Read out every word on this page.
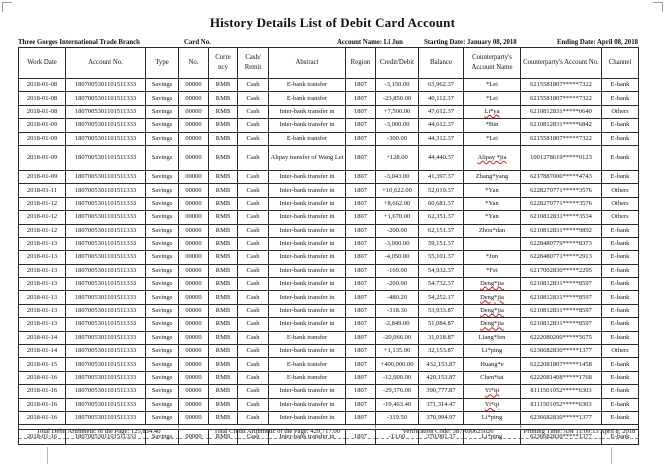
History Details List of Debit Card Account
Three Gorges International Trade Branch	Card No.	Account Name: Li Jun	Starting Date: January 08, 2018	Ending Date: April 08, 2018
Work Date	Account No.	Type	No.	Curre ncy	Cash/ Remit	Abstract	Region	Credit/Debit	Balance	Counterparty's Account Name	Counterparty's Account No.	Channel
2018-01-08	1807005301101511333	Savings	00000	RMB	Cash	E-bank transfer	1807	-3,150.00	63,962.37	*Lei	6215581807*****7322	E-bank
2018-01-08	1807005301101511333	Savings	00000	RMB	Cash	E-bank transfer	1807	-23,850.00	40,112.37	*Lei	6215581807*****7322	E-bank
2018-01-08	1807005301101511333	Savings	00000	RMB	Cash	Inter-bank transfer in	1807	+7,500.00	47,612.37	Li*ya	6210812831*****0640	Others
2018-01-09	1807005301101511333	Savings	00000	RMB	Cash	Inter-bank transfer in	1807	-3,000.00	44,612.37	*Bin	6210812831*****6842	E-bank
2018-01-09	1807005301101511333	Savings	00000	RMB	Cash	E-bank transfer	1807	-300.00	44,312.37	*Lei	6215581807*****7322	E-bank
2018-01-09	1807005301101511333	Savings	00000	RMB	Cash	Alipay transfer of Wang Lei	1807	+128.00	44,440.37	Alipay *jia	1001278619*****0123	E-bank
2018-01-09	1807005301101511333	Savings	00000	RMB	Cash	Inter-bank transfer in	1807	-3,043.00	41,397.37	Zhang*yang	6217887000*****4743	E-bank
2018-01-11	1807005301101511333	Savings	00000	RMB	Cash	Inter-bank transfer in	1807	+10,622.00	52,019.37	*Yan	6228270771*****3576	Others
2018-01-12	1807005301101511333	Savings	00000	RMB	Cash	Inter-bank transfer in	1807	+8,662.00	60,681.37	*Yan	6228270771*****3576	Others
2018-01-12	1807005301101511333	Savings	00000	RMB	Cash	Inter-bank transfer in	1807	+1,670.00	62,351.37	*Yan	6210812831*****3534	Others
2018-01-12	1807005301101511333	Savings	00000	RMB	Cash	Inter-bank transfer in	1807	-200.00	62,151.37	Zhou*dan	6210812831*****9892	E-bank
2018-01-13	1807005301101511333	Savings	00000	RMB	Cash	Inter-bank transfer in	1807	-3,000.00	59,151.37		6228480779*****8373	E-bank
2018-01-13	1807005301101511333	Savings	00000	RMB	Cash	Inter-bank transfer in	1807	-4,050.00	55,101.37	*Jun	6228480771*****2913	E-bank
2018-01-13	1807005301101511333	Savings	00000	RMB	Cash	Inter-bank transfer in	1807	-169.00	54,932.37	*Fei	6217002830*****2295	E-bank
2018-01-13	1807005301101511333	Savings	00000	RMB	Cash	Inter-bank transfer in	1807	-200.00	54,732.37	Deng*jia	6210812831*****8597	E-bank
2018-01-13	1807005301101511333	Savings	00000	RMB	Cash	Inter-bank transfer in	1807	-480.20	54,252.17	Deng*jia	6210812831*****8597	E-bank
2018-01-13	1807005301101511333	Savings	00000	RMB	Cash	Inter-bank transfer in	1807	-318.30	53,933.87	Deng*jia	6210812831*****8597	E-bank
2018-01-13	1807005301101511333	Savings	00000	RMB	Cash	Inter-bank transfer in	1807	-2,849.00	51,084.87	Deng*jia	6210812831*****8597	E-bank
2018-01-14	1807005301101511333	Savings	00000	RMB	Cash	E-bank transfer	1807	-20,066.00	31,018.87	Liang*fen	6222080200*****5675	E-bank
2018-01-14	1807005301101511333	Savings	00000	RMB	Cash	Inter-bank transfer in	1807	+1,135.00	32,153.87	Li*ping	6236682830*****1377	Others
2018-01-15	1807005301101511333	Savings	00000	RMB	Cash	E-bank transfer	1807	+400,000.00	432,153.87	Huang*e	6222081807*****1458	E-bank
2018-01-16	1807005301101511333	Savings	00000	RMB	Cash	E-bank transfer	1807	-12,000.00	420,153.87	Chen*tai	6222081408*****1768	E-bank
2018-01-16	1807005301101511333	Savings	00000	RMB	Cash	Inter-bank transfer in	1807	-29,376.00	390,777.87	Yi*qi	8111501052*****6303	E-bank
2018-01-16	1807005301101511333	Savings	00000	RMB	Cash	Inter-bank transfer in	1807	-19,463.40	371,314.47	Yi*qi	8111501052*****6303	E-bank
2018-01-16	1807005301101511333	Savings	00000	RMB	Cash	Inter-bank transfer in	1807	-319.50	370,994.97	Li*ping	6236682830*****1377	E-bank
Total Debit Arithmetic of the Page: 125,834.40			Total Credit Arithmetic of the Page: 429,717.00					Verification Code: 387A00625026			Printing Time: AM 11:09:13 April 8, 2018	
2018-01-16	1807005301101511333	Savings	00000	RMB	Cash	Inter-bank transfer in	1807	-13.60	370,981.37	Li*ping	6236682830*****1377	E-bank
